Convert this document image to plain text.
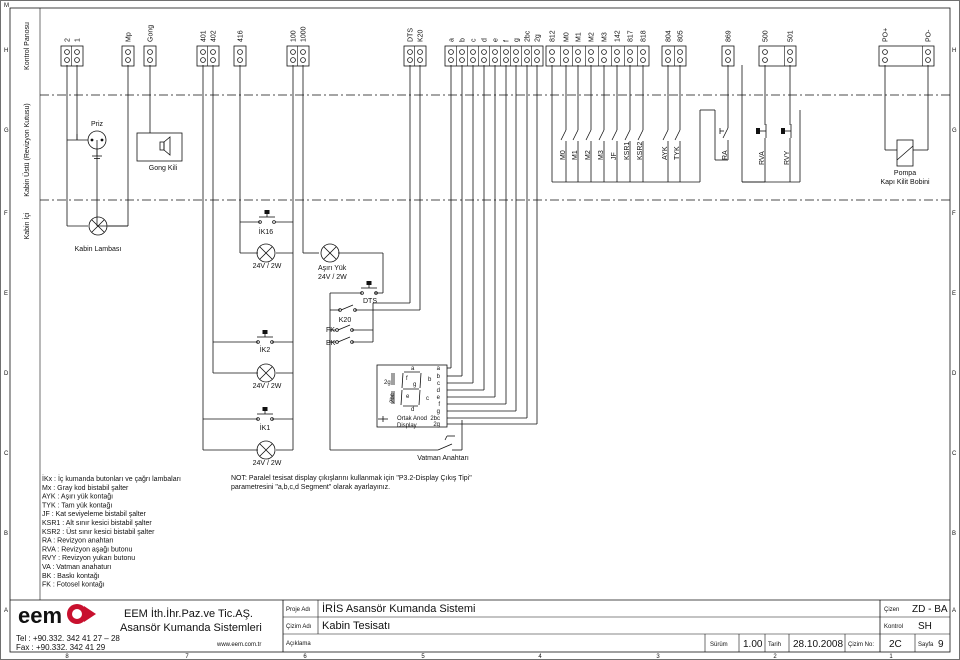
H	H
G	G
F	F
E	E
D	D
C	C
B	B
A	A
M
8	7	6	5	4	3	2	1
Kontrol Panosu
Kabin Üstü (Revizyon Kutusu)
Kabin İçi
2 1	Mp Gong	401 402	416	100 1000	DTS K20	a b c d e f g 2bc 2g 812 M0 M1 M2 M3 142 817 818	804 805	869	500	501	PO+	PO-
Priz
Gong Kili
Kabin Lambası
İK16
24V / 2W	Aşırı Yük
24V / 2W
DTS
K20
FK
BK
İK2
24V / 2W
İK1
24V / 2W
a
b
c
d
e
f
g
2bc
2g
2g
2bc
a
b
c
d
e
f
g
Ortak Anod
Display
Vatman Anahtarı
M0 M1 M2 M3 JF KSR1 KSR2	AYK TYK	RA	RVA	RVY
Pompa
Kapı Kilit Bobini
NOT: Paralel tesisat display çıkışlarını kullanmak için "P3.2-Display Çıkış Tipi"
parametresini "a,b,c,d Segment" olarak ayarlayınız.
İKx : İç kumanda butonları ve çağrı lambaları
Mx : Gray kod bistabil şalter
AYK : Aşırı yük kontağı
TYK : Tam yük kontağı
JF : Kat seviyeleme bistabil şalter
KSR1 : Alt sınır kesici bistabil şalter
KSR2 : Üst sınır kesici bistabil şalter
RA : Revizyon anahtarı
RVA : Revizyon aşağı butonu
RVY : Revizyon yukarı butonu
VA : Vatman anahaturı
BK : Baskı kontağı
FK : Fotosel kontağı
eem	EEM İth.İhr.Paz.ve Tic.AŞ.
Asansör Kumanda Sistemleri
Tel : +90.332. 342 41 27 – 28
Fax : +90.332. 342 41 29	www.eem.com.tr
Proje Adı İRİS Asansör Kumanda Sistemi
Çizim Adı Kabin Tesisatı
Açıklama	Sürüm 1.00 Tarih 28.10.2008 Çizim No: 2C	Sayfa 9
Çizen ZD - BA
Kontrol SH
